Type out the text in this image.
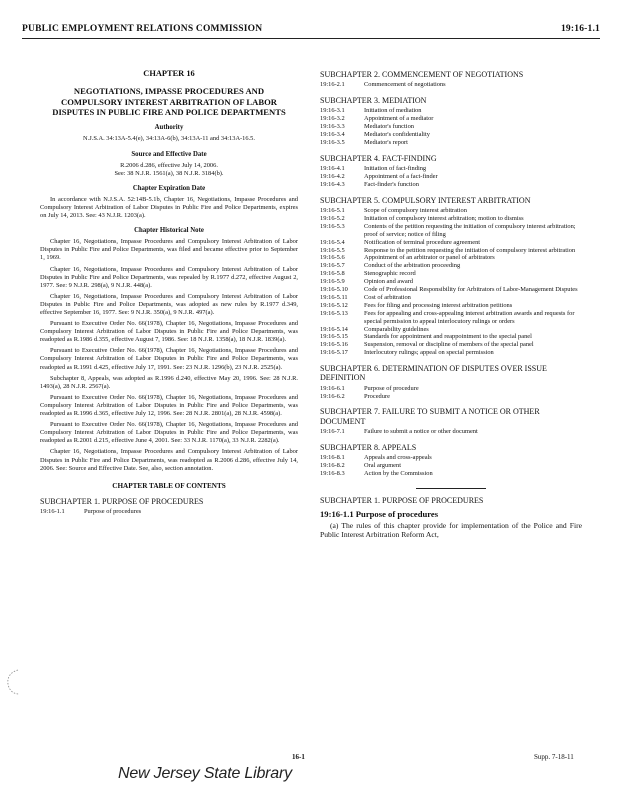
PUBLIC EMPLOYMENT RELATIONS COMMISSION	19:16-1.1
CHAPTER 16
NEGOTIATIONS, IMPASSE PROCEDURES AND COMPULSORY INTEREST ARBITRATION OF LABOR DISPUTES IN PUBLIC FIRE AND POLICE DEPARTMENTS
Authority
N.J.S.A. 34:13A-5.4(e), 34:13A-6(b), 34:13A-11 and 34:13A-16.5.
Source and Effective Date
R.2006 d.286, effective July 14, 2006.
See: 38 N.J.R. 1561(a), 38 N.J.R. 3184(b).
Chapter Expiration Date

In accordance with N.J.S.A. 52:14B-5.1b, Chapter 16, Negotiations, Impasse Procedures and Compulsory Interest Arbitration of Labor Disputes in Public Fire and Police Departments, expires on July 14, 2013. See: 43 N.J.R. 1203(a).

Chapter Historical Note

Chapter 16, Negotiations, Impasse Procedures and Compulsory Interest Arbitration of Labor Disputes in Public Fire and Police Departments, was filed and became effective prior to September 1, 1969.

Chapter 16, Negotiations, Impasse Procedures and Compulsory Interest Arbitration of Labor Disputes in Public Fire and Police Departments, was repealed by R.1977 d.272, effective August 2, 1977. See: 9 N.J.R. 298(a), 9 N.J.R. 448(a).

Chapter 16, Negotiations, Impasse Procedures and Compulsory Interest Arbitration of Labor Disputes in Public Fire and Police Departments, was adopted as new rules by R.1977 d.349, effective September 16, 1977. See: 9 N.J.R. 350(a), 9 N.J.R. 497(a).

Pursuant to Executive Order No. 66(1978), Chapter 16, Negotiations, Impasse Procedures and Compulsory Interest Arbitration of Labor Disputes in Public Fire and Police Departments, was readopted as R.1986 d.355, effective August 7, 1986. See: 18 N.J.R. 1358(a), 18 N.J.R. 1839(a).

Pursuant to Executive Order No. 66(1978), Chapter 16, Negotiations, Impasse Procedures and Compulsory Interest Arbitration of Labor Disputes in Public Fire and Police Departments, was readopted as R.1991 d.425, effective July 17, 1991. See: 23 N.J.R. 1296(b), 23 N.J.R. 2525(a).

Subchapter 8, Appeals, was adopted as R.1996 d.240, effective May 20, 1996. See: 28 N.J.R. 1493(a), 28 N.J.R. 2567(a).

Pursuant to Executive Order No. 66(1978), Chapter 16, Negotiations, Impasse Procedures and Compulsory Interest Arbitration of Labor Disputes in Public Fire and Police Departments, was readopted as R.1996 d.365, effective July 12, 1996. See: 28 N.J.R. 2801(a), 28 N.J.R. 4598(a).

Pursuant to Executive Order No. 66(1978), Chapter 16, Negotiations, Impasse Procedures and Compulsory Interest Arbitration of Labor Disputes in Public Fire and Police Departments, was readopted as R.2001 d.215, effective June 4, 2001. See: 33 N.J.R. 1170(a), 33 N.J.R. 2282(a).

Chapter 16, Negotiations, Impasse Procedures and Compulsory Interest Arbitration of Labor Disputes in Public Fire and Police Departments, was readopted as R.2006 d.286, effective July 14, 2006. See: Source and Effective Date. See, also, section annotation.

CHAPTER TABLE OF CONTENTS
SUBCHAPTER 1. PURPOSE OF PROCEDURES
19:16-1.1	Purpose of procedures
SUBCHAPTER 2. COMMENCEMENT OF NEGOTIATIONS
19:16-2.1	Commencement of negotiations
SUBCHAPTER 3. MEDIATION
19:16-3.1	Initiation of mediation
19:16-3.2	Appointment of a mediator
19:16-3.3	Mediator's function
19:16-3.4	Mediator's confidentiality
19:16-3.5	Mediator's report
SUBCHAPTER 4. FACT-FINDING
19:16-4.1	Initiation of fact-finding
19:16-4.2	Appointment of a fact-finder
19:16-4.3	Fact-finder's function
SUBCHAPTER 5. COMPULSORY INTEREST ARBITRATION
19:16-5.1	Scope of compulsory interest arbitration
19:16-5.2	Initiation of compulsory interest arbitration; motion to dismiss
19:16-5.3	Contents of the petition requesting the initiation of compulsory interest arbitration; proof of service; notice of filing
19:16-5.4	Notification of terminal procedure agreement
19:16-5.5	Response to the petition requesting the initiation of compulsory interest arbitration
19:16-5.6	Appointment of an arbitrator or panel of arbitrators
19:16-5.7	Conduct of the arbitration proceeding
19:16-5.8	Stenographic record
19:16-5.9	Opinion and award
19:16-5.10	Code of Professional Responsibility for Arbitrators of Labor-Management Disputes
19:16-5.11	Cost of arbitration
19:16-5.12	Fees for filing and processing interest arbitration petitions
19:16-5.13	Fees for appealing and cross-appealing interest arbitration awards and requests for special permission to appeal interlocutory rulings or orders
19:16-5.14	Comparability guidelines
19:16-5.15	Standards for appointment and reappointment to the special panel
19:16-5.16	Suspension, removal or discipline of members of the special panel
19:16-5.17	Interlocutory rulings; appeal on special permission
SUBCHAPTER 6. DETERMINATION OF DISPUTES OVER ISSUE DEFINITION
19:16-6.1	Purpose of procedure
19:16-6.2	Procedure
SUBCHAPTER 7. FAILURE TO SUBMIT A NOTICE OR OTHER DOCUMENT
19:16-7.1	Failure to submit a notice or other document
SUBCHAPTER 8. APPEALS
19:16-8.1	Appeals and cross-appeals
19:16-8.2	Oral argument
19:16-8.3	Action by the Commission
SUBCHAPTER 1. PURPOSE OF PROCEDURES
19:16-1.1 Purpose of procedures

(a) The rules of this chapter provide for implementation of the Police and Fire Public Interest Arbitration Reform Act,

16-1	Supp. 7-18-11
New Jersey State Library
